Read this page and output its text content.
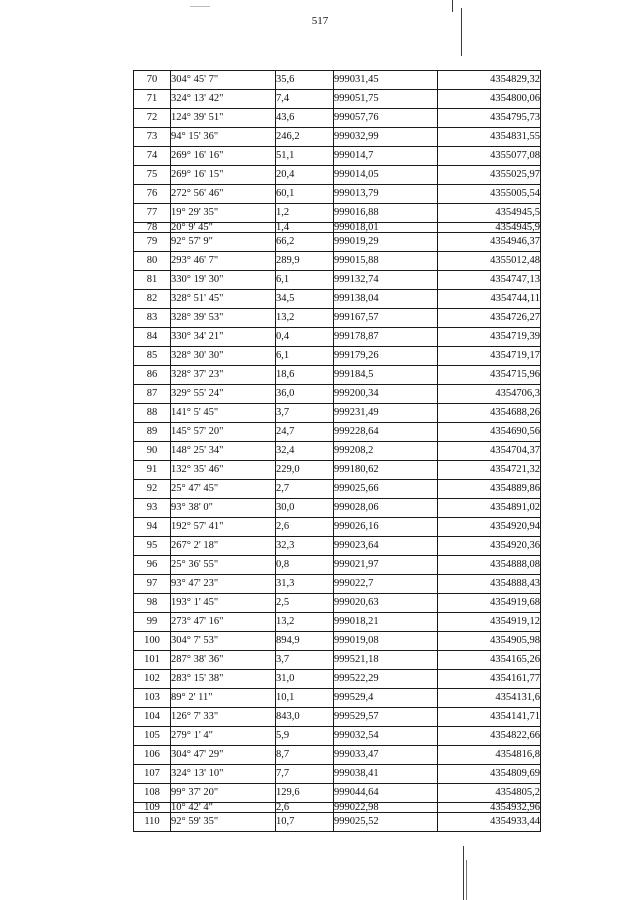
517
70	304° 45' 7"	35,6	999031,45	4354829,32
71	324° 13' 42"	7,4	999051,75	4354800,06
72	124° 39' 51"	43,6	999057,76	4354795,73
73	94° 15' 36"	246,2	999032,99	4354831,55
74	269° 16' 16"	51,1	999014,7	4355077,08
75	269° 16' 15"	20,4	999014,05	4355025,97
76	272° 56' 46"	60,1	999013,79	4355005,54
77	19° 29' 35"	1,2	999016,88	4354945,5
78	20° 9' 45"	1,4	999018,01	4354945,9
79	92° 57' 9"	66,2	999019,29	4354946,37
80	293° 46' 7"	289,9	999015,88	4355012,48
81	330° 19' 30"	6,1	999132,74	4354747,13
82	328° 51' 45"	34,5	999138,04	4354744,11
83	328° 39' 53"	13,2	999167,57	4354726,27
84	330° 34' 21"	0,4	999178,87	4354719,39
85	328° 30' 30"	6,1	999179,26	4354719,17
86	328° 37' 23"	18,6	999184,5	4354715,96
87	329° 55' 24"	36,0	999200,34	4354706,3
88	141° 5' 45"	3,7	999231,49	4354688,26
89	145° 57' 20"	24,7	999228,64	4354690,56
90	148° 25' 34"	32,4	999208,2	4354704,37
91	132° 35' 46"	229,0	999180,62	4354721,32
92	25° 47' 45"	2,7	999025,66	4354889,86
93	93° 38' 0"	30,0	999028,06	4354891,02
94	192° 57' 41"	2,6	999026,16	4354920,94
95	267° 2' 18"	32,3	999023,64	4354920,36
96	25° 36' 55"	0,8	999021,97	4354888,08
97	93° 47' 23"	31,3	999022,7	4354888,43
98	193° 1' 45"	2,5	999020,63	4354919,68
99	273° 47' 16"	13,2	999018,21	4354919,12
100	304° 7' 53"	894,9	999019,08	4354905,98
101	287° 38' 36"	3,7	999521,18	4354165,26
102	283° 15' 38"	31,0	999522,29	4354161,77
103	89° 2' 11"	10,1	999529,4	4354131,6
104	126° 7' 33"	843,0	999529,57	4354141,71
105	279° 1' 4"	5,9	999032,54	4354822,66
106	304° 47' 29"	8,7	999033,47	4354816,8
107	324° 13' 10"	7,7	999038,41	4354809,69
108	99° 37' 20"	129,6	999044,64	4354805,2
109	10° 42' 4"	2,6	999022,98	4354932,96
110	92° 59' 35"	10,7	999025,52	4354933,44
